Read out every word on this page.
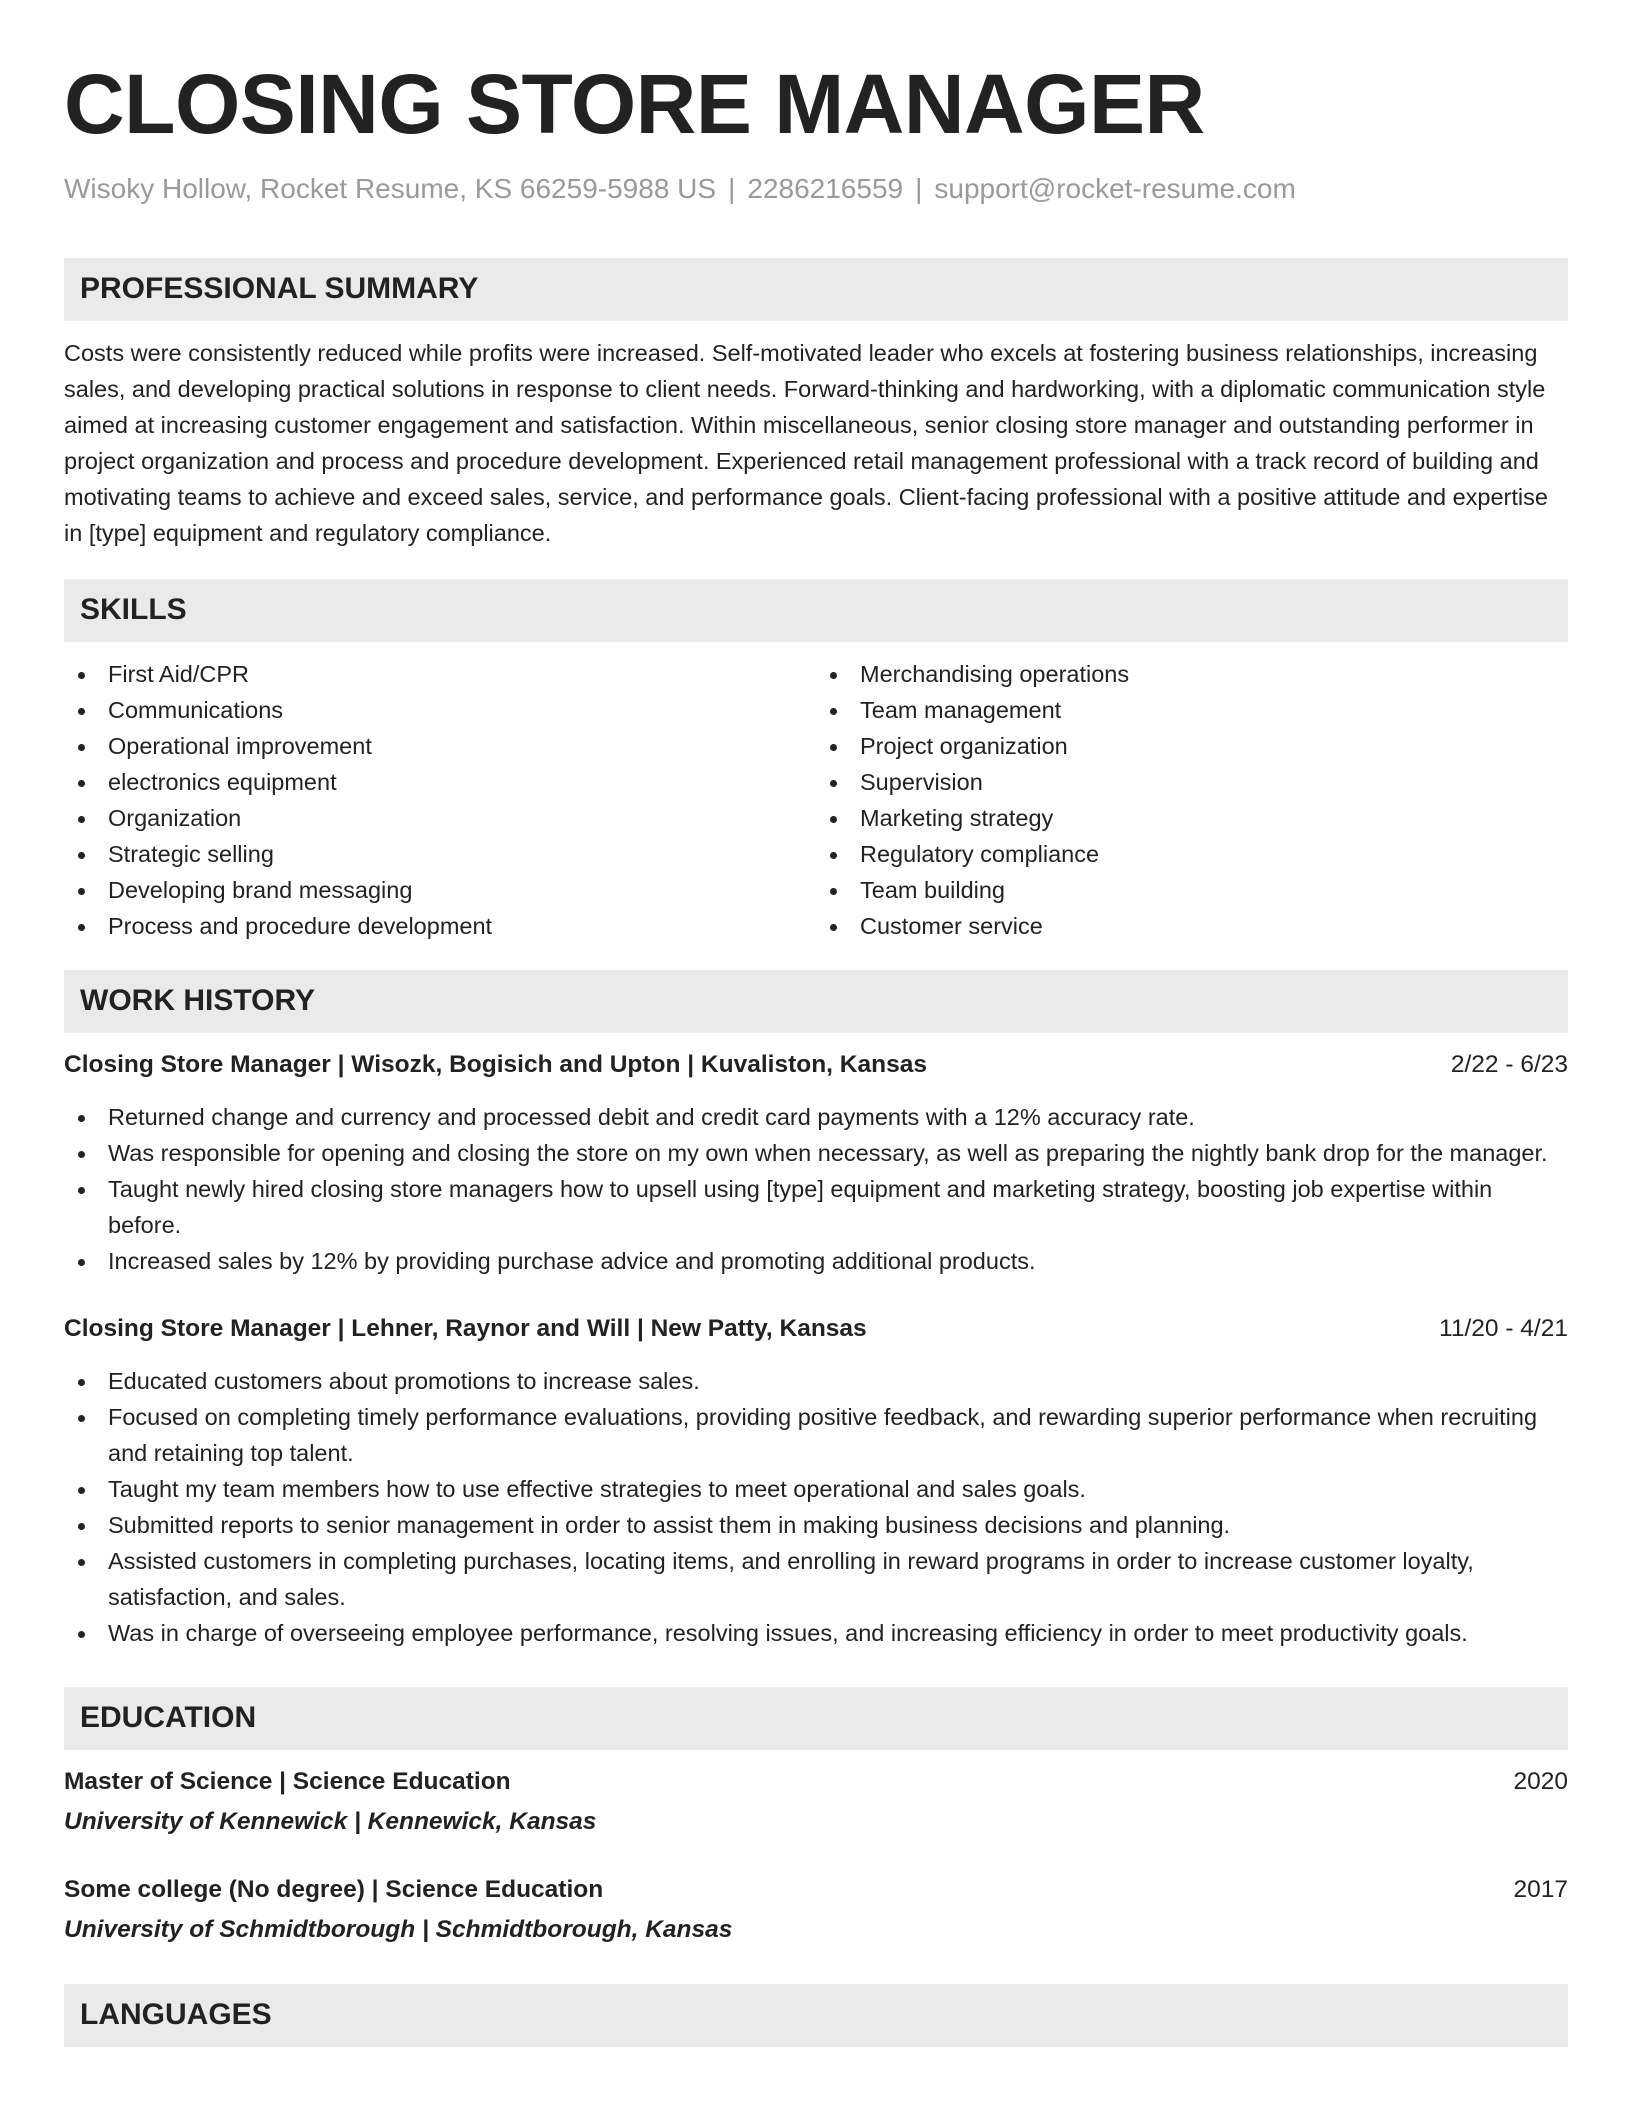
CLOSING STORE MANAGER
Wisoky Hollow, Rocket Resume, KS 66259-5988 US | 2286216559 | support@rocket-resume.com
PROFESSIONAL SUMMARY
Costs were consistently reduced while profits were increased. Self-motivated leader who excels at fostering business relationships, increasing sales, and developing practical solutions in response to client needs. Forward-thinking and hardworking, with a diplomatic communication style aimed at increasing customer engagement and satisfaction. Within miscellaneous, senior closing store manager and outstanding performer in project organization and process and procedure development. Experienced retail management professional with a track record of building and motivating teams to achieve and exceed sales, service, and performance goals. Client-facing professional with a positive attitude and expertise in [type] equipment and regulatory compliance.
SKILLS
First Aid/CPR
Communications
Operational improvement
electronics equipment
Organization
Strategic selling
Developing brand messaging
Process and procedure development
Merchandising operations
Team management
Project organization
Supervision
Marketing strategy
Regulatory compliance
Team building
Customer service
WORK HISTORY
Closing Store Manager | Wisozk, Bogisich and Upton | Kuvaliston, Kansas	2/22 - 6/23
Returned change and currency and processed debit and credit card payments with a 12% accuracy rate.
Was responsible for opening and closing the store on my own when necessary, as well as preparing the nightly bank drop for the manager.
Taught newly hired closing store managers how to upsell using [type] equipment and marketing strategy, boosting job expertise within before.
Increased sales by 12% by providing purchase advice and promoting additional products.
Closing Store Manager | Lehner, Raynor and Will | New Patty, Kansas	11/20 - 4/21
Educated customers about promotions to increase sales.
Focused on completing timely performance evaluations, providing positive feedback, and rewarding superior performance when recruiting and retaining top talent.
Taught my team members how to use effective strategies to meet operational and sales goals.
Submitted reports to senior management in order to assist them in making business decisions and planning.
Assisted customers in completing purchases, locating items, and enrolling in reward programs in order to increase customer loyalty, satisfaction, and sales.
Was in charge of overseeing employee performance, resolving issues, and increasing efficiency in order to meet productivity goals.
EDUCATION
Master of Science | Science Education	2020
University of Kennewick | Kennewick, Kansas
Some college (No degree) | Science Education	2017
University of Schmidtborough | Schmidtborough, Kansas
LANGUAGES
